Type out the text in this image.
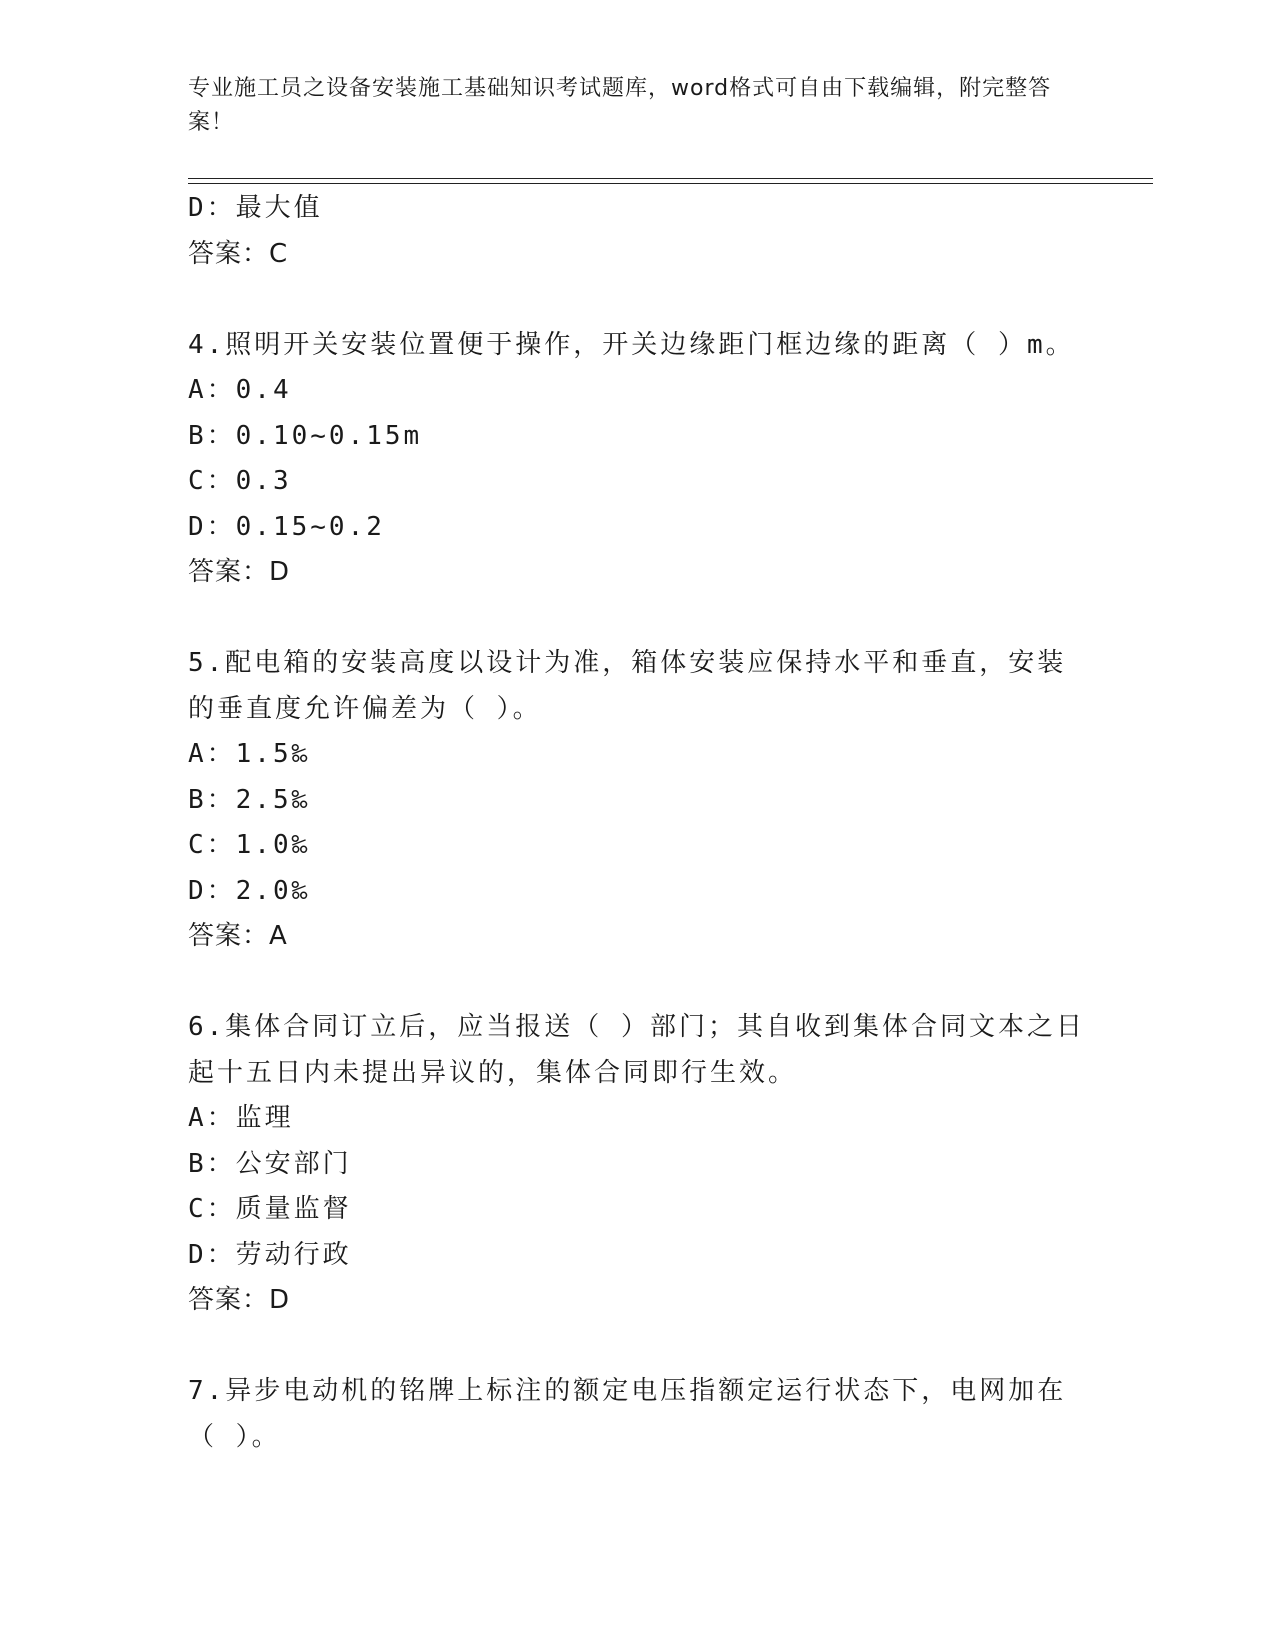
专业施工员之设备安装施工基础知识考试题库，word格式可自由下载编辑，附完整答案！
D：最大值
答案：C
4.照明开关安装位置便于操作，开关边缘距门框边缘的距离（ ）m。
A：0.4
B：0.10~0.15m
C：0.3
D：0.15~0.2
答案：D
5.配电箱的安装高度以设计为准，箱体安装应保持水平和垂直，安装
的垂直度允许偏差为（ ）。
A：1.5‰
B：2.5‰
C：1.0‰
D：2.0‰
答案：A
6.集体合同订立后，应当报送（ ）部门；其自收到集体合同文本之日
起十五日内未提出异议的，集体合同即行生效。
A：监理
B：公安部门
C：质量监督
D：劳动行政
答案：D
7.异步电动机的铭牌上标注的额定电压指额定运行状态下，电网加在
（ ）。
